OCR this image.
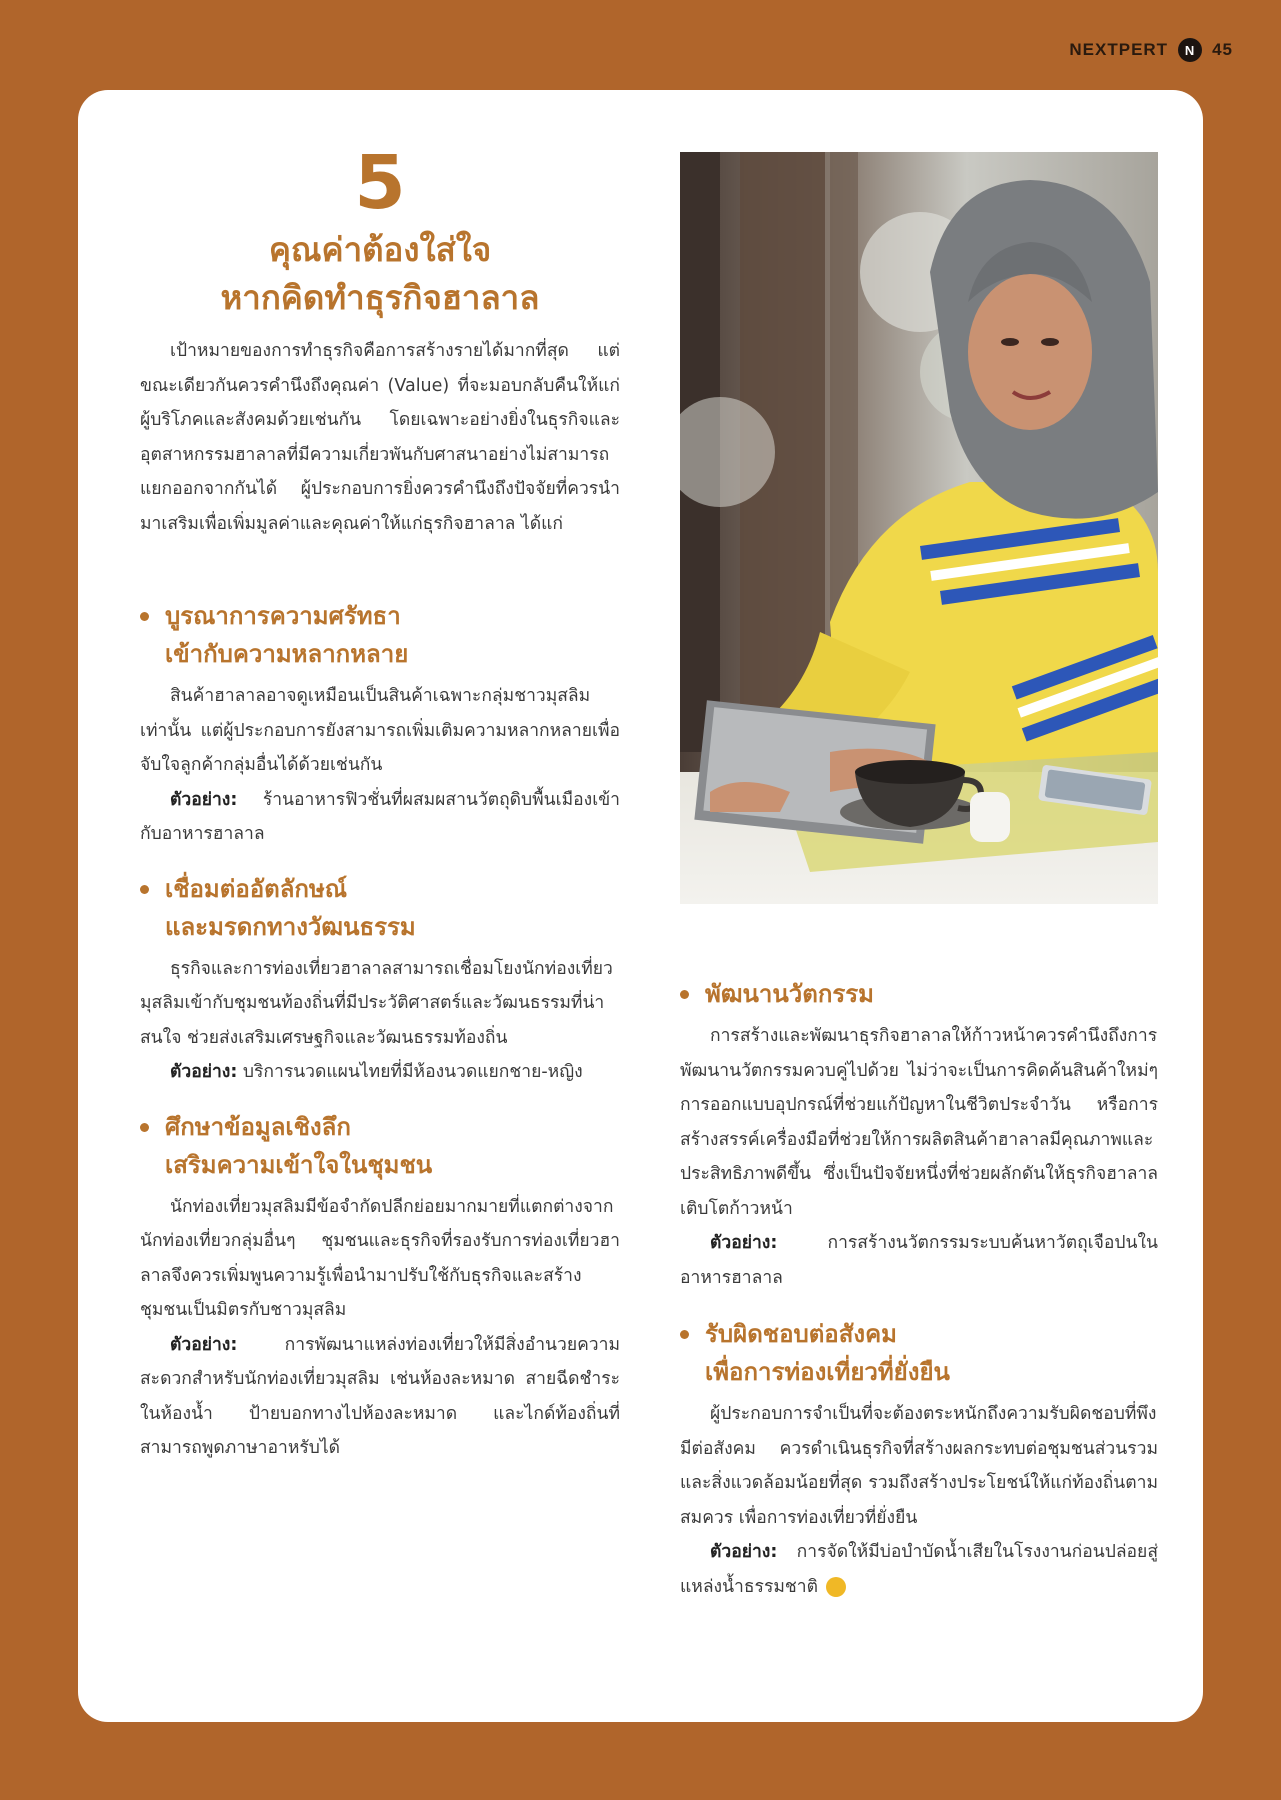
NEXTPERT	N 45
5
คุณค่าต้องใส่ใจ
หากคิดทำธุรกิจฮาลาล

เป้าหมายของการทำธุรกิจคือการสร้างรายได้มากที่สุด แต่ขณะเดียวกันควรคำนึงถึงคุณค่า (Value) ที่จะมอบกลับคืนให้แก่ผู้บริโภคและสังคมด้วยเช่นกัน โดยเฉพาะอย่างยิ่งในธุรกิจและอุตสาหกรรมฮาลาลที่มีความเกี่ยวพันกับศาสนาอย่างไม่สามารถแยกออกจากกันได้ ผู้ประกอบการยิ่งควรคำนึงถึงปัจจัยที่ควรนำมาเสริมเพื่อเพิ่มมูลค่าและคุณค่าให้แก่ธุรกิจฮาลาล ได้แก่

บูรณาการความศรัทธา
เข้ากับความหลากหลาย

สินค้าฮาลาลอาจดูเหมือนเป็นสินค้าเฉพาะกลุ่มชาวมุสลิมเท่านั้น แต่ผู้ประกอบการยังสามารถเพิ่มเติมความหลากหลายเพื่อจับใจลูกค้ากลุ่มอื่นได้ด้วยเช่นกัน

ตัวอย่าง: ร้านอาหารฟิวชั่นที่ผสมผสานวัตถุดิบพื้นเมืองเข้ากับอาหารฮาลาล

เชื่อมต่ออัตลักษณ์
และมรดกทางวัฒนธรรม

ธุรกิจและการท่องเที่ยวฮาลาลสามารถเชื่อมโยงนักท่องเที่ยวมุสลิมเข้ากับชุมชนท้องถิ่นที่มีประวัติศาสตร์และวัฒนธรรมที่น่าสนใจ ช่วยส่งเสริมเศรษฐกิจและวัฒนธรรมท้องถิ่น

ตัวอย่าง: บริการนวดแผนไทยที่มีห้องนวดแยกชาย-หญิง

ศึกษาข้อมูลเชิงลึก
เสริมความเข้าใจในชุมชน

นักท่องเที่ยวมุสลิมมีข้อจำกัดปลีกย่อยมากมายที่แตกต่างจากนักท่องเที่ยวกลุ่มอื่นๆ ชุมชนและธุรกิจที่รองรับการท่องเที่ยวฮาลาลจึงควรเพิ่มพูนความรู้เพื่อนำมาปรับใช้กับธุรกิจและสร้างชุมชนเป็นมิตรกับชาวมุสลิม

ตัวอย่าง: การพัฒนาแหล่งท่องเที่ยวให้มีสิ่งอำนวยความสะดวกสำหรับนักท่องเที่ยวมุสลิม เช่นห้องละหมาด สายฉีดชำระในห้องน้ำ ป้ายบอกทางไปห้องละหมาด และไกด์ท้องถิ่นที่สามารถพูดภาษาอาหรับได้

พัฒนานวัตกรรม

การสร้างและพัฒนาธุรกิจฮาลาลให้ก้าวหน้าควรคำนึงถึงการพัฒนานวัตกรรมควบคู่ไปด้วย ไม่ว่าจะเป็นการคิดค้นสินค้าใหม่ๆ การออกแบบอุปกรณ์ที่ช่วยแก้ปัญหาในชีวิตประจำวัน หรือการสร้างสรรค์เครื่องมือที่ช่วยให้การผลิตสินค้าฮาลาลมีคุณภาพและประสิทธิภาพดีขึ้น ซึ่งเป็นปัจจัยหนึ่งที่ช่วยผลักดันให้ธุรกิจฮาลาลเติบโตก้าวหน้า

ตัวอย่าง: การสร้างนวัตกรรมระบบค้นหาวัตถุเจือปนในอาหารฮาลาล

รับผิดชอบต่อสังคม
เพื่อการท่องเที่ยวที่ยั่งยืน

ผู้ประกอบการจำเป็นที่จะต้องตระหนักถึงความรับผิดชอบที่พึงมีต่อสังคม ควรดำเนินธุรกิจที่สร้างผลกระทบต่อชุมชนส่วนรวมและสิ่งแวดล้อมน้อยที่สุด รวมถึงสร้างประโยชน์ให้แก่ท้องถิ่นตามสมควร เพื่อการท่องเที่ยวที่ยั่งยืน

ตัวอย่าง: การจัดให้มีบ่อบำบัดน้ำเสียในโรงงานก่อนปล่อยสู่แหล่งน้ำธรรมชาติ k
